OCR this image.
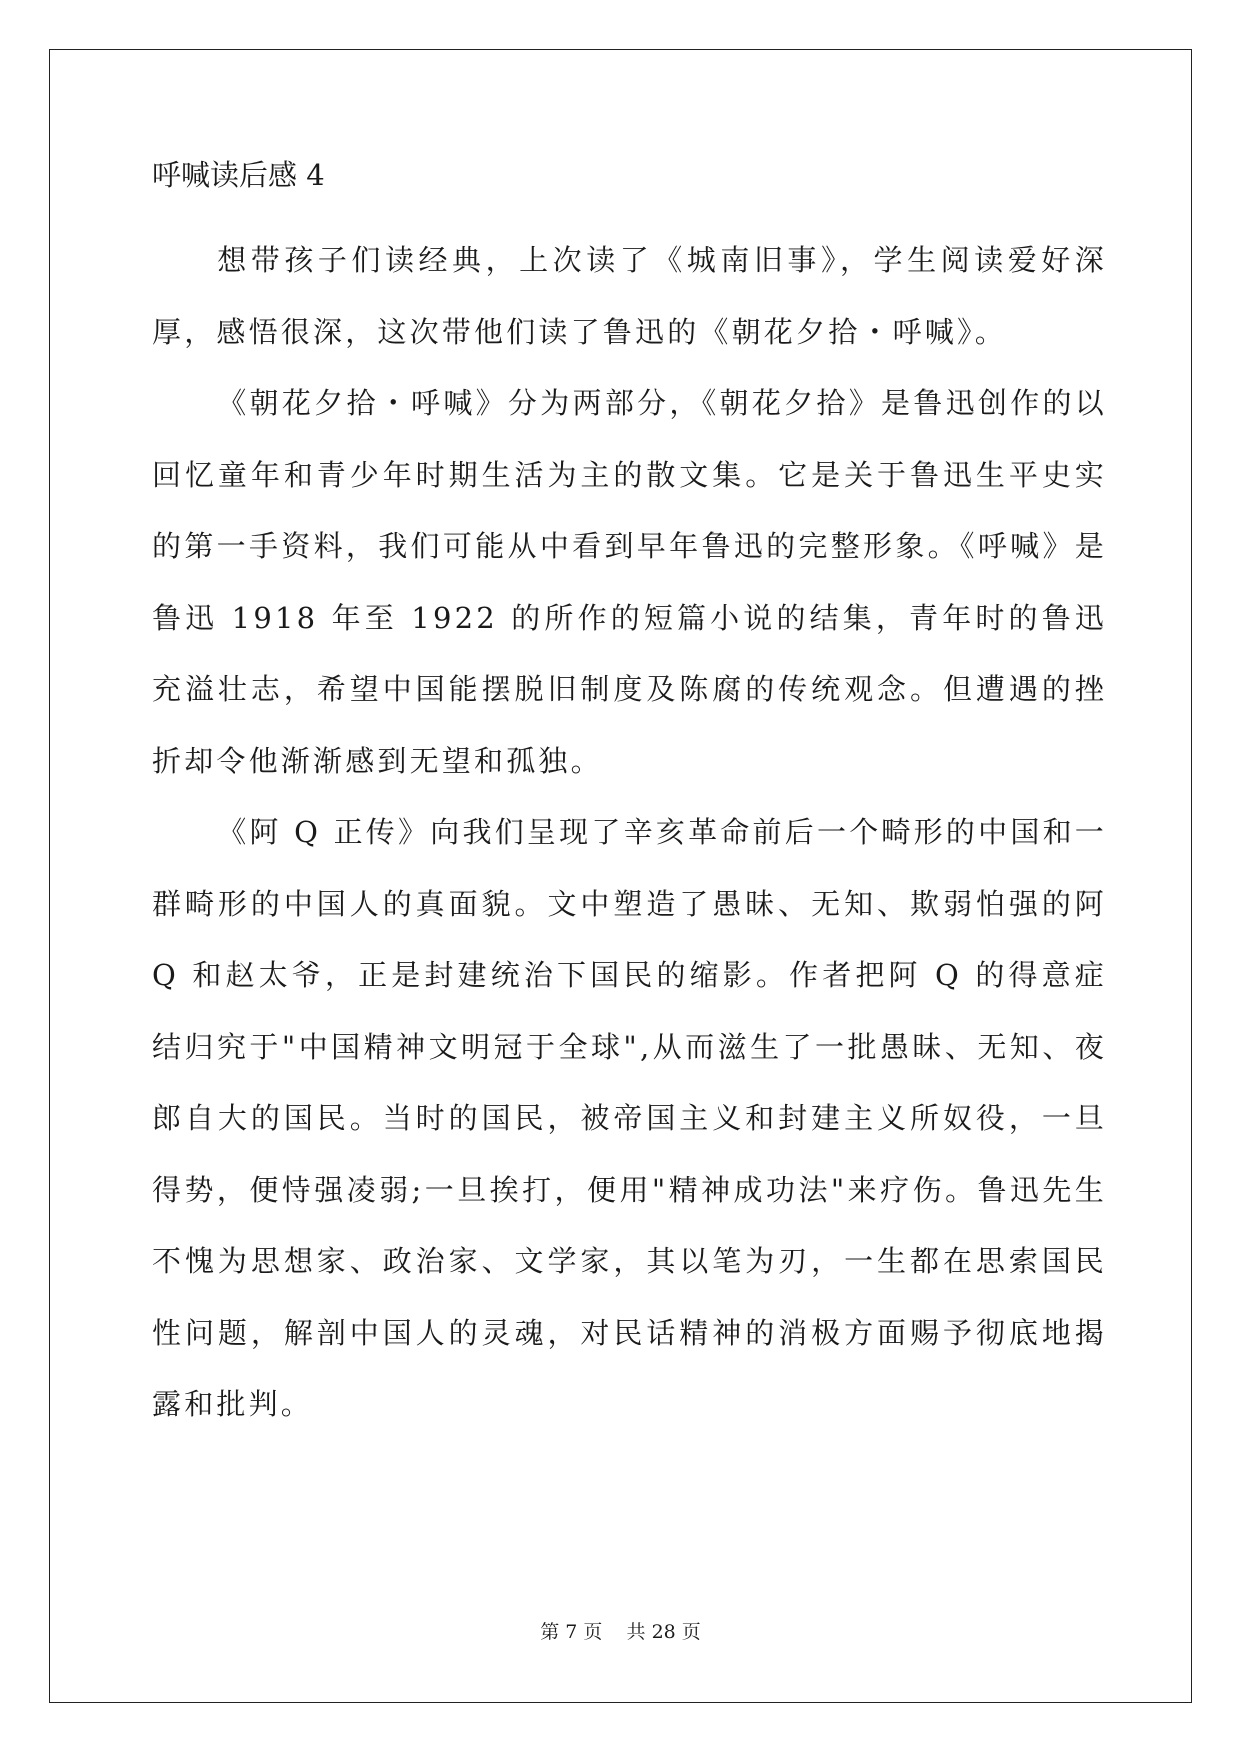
呼喊读后感 4

想带孩子们读经典，上次读了《城南旧事》，学生阅读爱好深厚，感悟很深，这次带他们读了鲁迅的《朝花夕拾・呼喊》。

《朝花夕拾・呼喊》分为两部分，《朝花夕拾》是鲁迅创作的以回忆童年和青少年时期生活为主的散文集。它是关于鲁迅生平史实的第一手资料，我们可能从中看到早年鲁迅的完整形象。《呼喊》是鲁迅 1918 年至 1922 的所作的短篇小说的结集，青年时的鲁迅充溢壮志，希望中国能摆脱旧制度及陈腐的传统观念。但遭遇的挫折却令他渐渐感到无望和孤独。

《阿 Q 正传》向我们呈现了辛亥革命前后一个畸形的中国和一群畸形的中国人的真面貌。文中塑造了愚昧、无知、欺弱怕强的阿 Q 和赵太爷，正是封建统治下国民的缩影。作者把阿 Q 的得意症结归究于"中国精神文明冠于全球",从而滋生了一批愚昧、无知、夜郎自大的国民。当时的国民，被帝国主义和封建主义所奴役，一旦得势，便恃强凌弱;一旦挨打，便用"精神成功法"来疗伤。鲁迅先生不愧为思想家、政治家、文学家，其以笔为刃，一生都在思索国民性问题，解剖中国人的灵魂，对民话精神的消极方面赐予彻底地揭露和批判。

第 7 页    共 28 页
